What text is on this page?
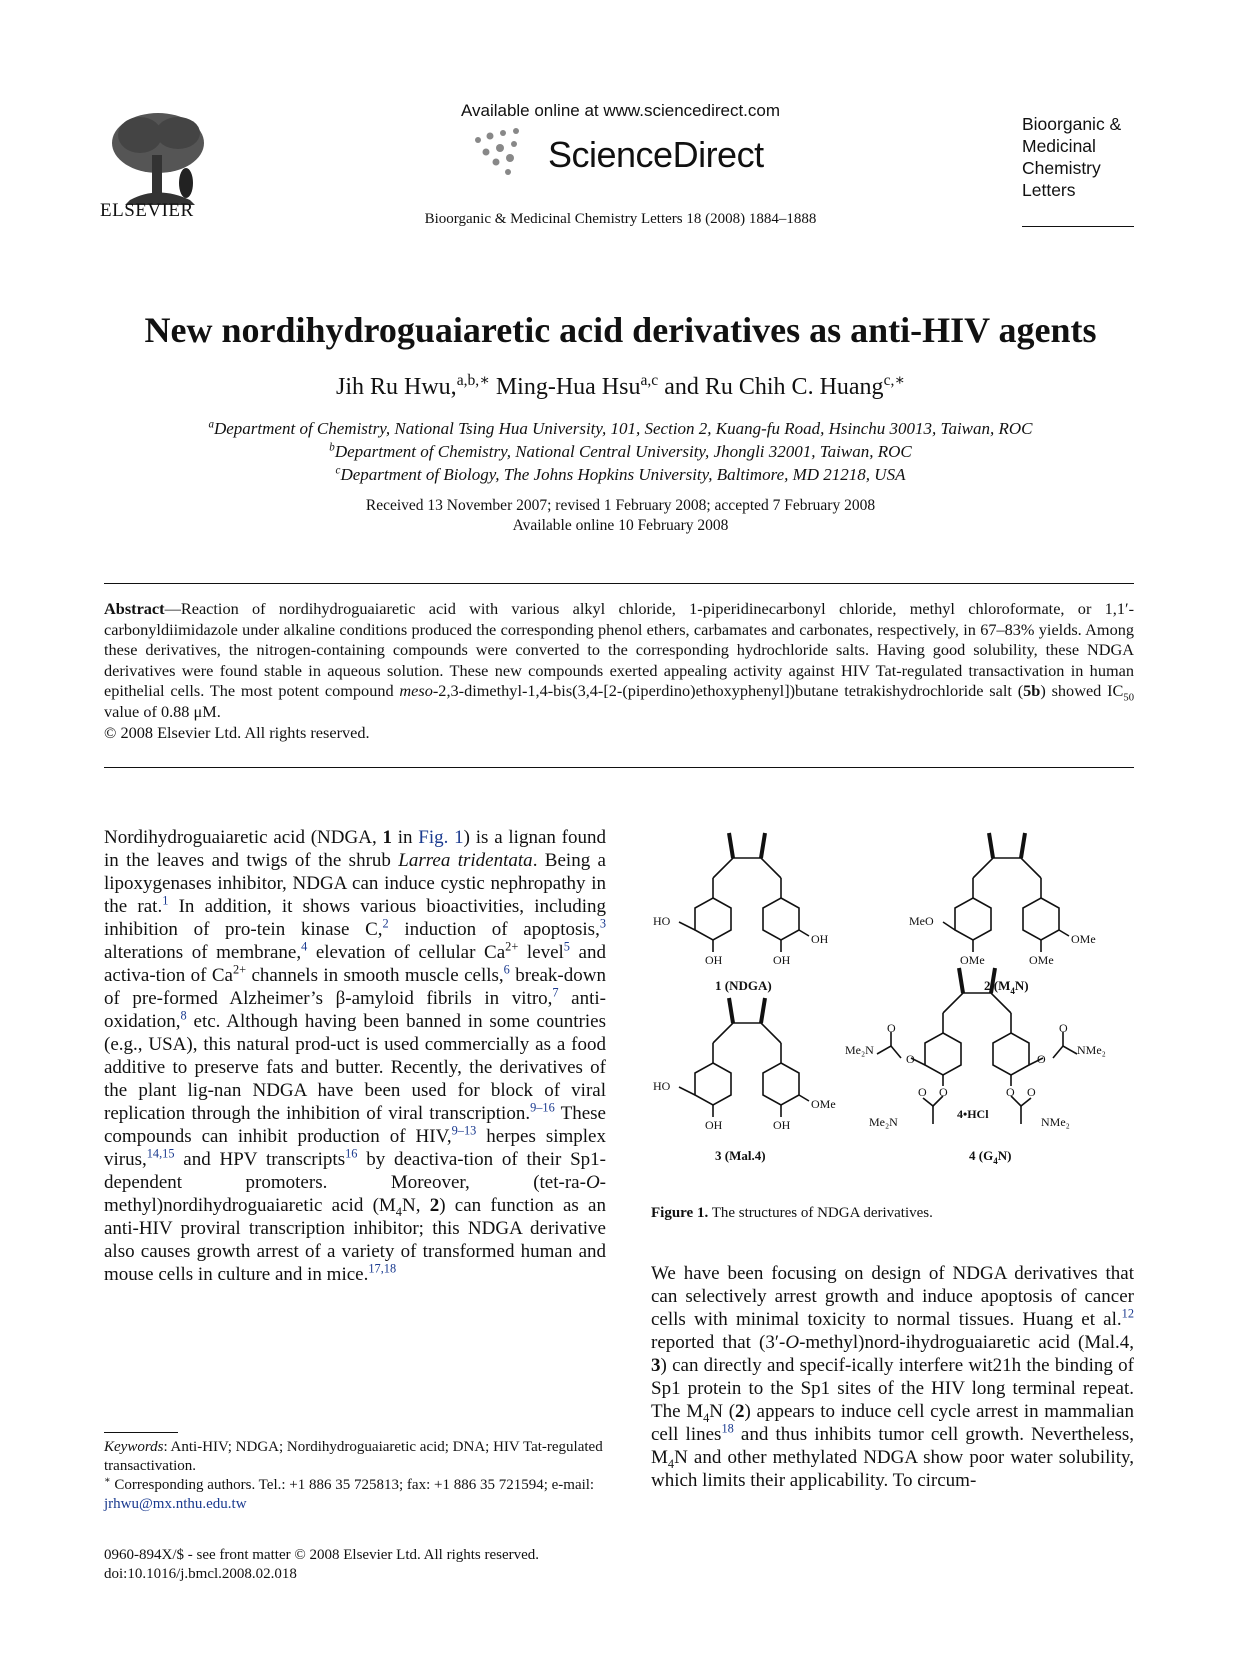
ELSEVIER
Available online at www.sciencedirect.com
ScienceDirect
Bioorganic & Medicinal Chemistry Letters 18 (2008) 1884–1888
Bioorganic &
Medicinal
Chemistry
Letters
New nordihydroguaiaretic acid derivatives as anti-HIV agents
Jih Ru Hwu,$^{a,b,∗}$ Ming-Hua Hsu$^{a,c}$ and Ru Chih C. Huang$^{c,∗}$
$^a$Department of Chemistry, National Tsing Hua University, 101, Section 2, Kuang-fu Road, Hsinchu 30013, Taiwan, ROC
$^b$Department of Chemistry, National Central University, Jhongli 32001, Taiwan, ROC
$^c$Department of Biology, The Johns Hopkins University, Baltimore, MD 21218, USA
Received 13 November 2007; revised 1 February 2008; accepted 7 February 2008
Available online 10 February 2008
Abstract—Reaction of nordihydroguaiaretic acid with various alkyl chloride, 1-piperidinecarbonyl chloride, methyl chloroformate, or 1,1′-carbonyldiimidazole under alkaline conditions produced the corresponding phenol ethers, carbamates and carbonates, respectively, in 67–83% yields. Among these derivatives, the nitrogen-containing compounds were converted to the corresponding hydrochloride salts. Having good solubility, these NDGA derivatives were found stable in aqueous solution. These new compounds exerted appealing activity against HIV Tat-regulated transactivation in human epithelial cells. The most potent compound meso-2,3-dimethyl-1,4-bis(3,4-[2-(piperdino)ethoxyphenyl])butane tetrakishydrochloride salt (5b) showed $IC_{50}$ value of 0.88 μM.
© 2008 Elsevier Ltd. All rights reserved.
Nordihydroguaiaretic acid (NDGA, 1 in Fig. 1) is a lignan found in the leaves and twigs of the shrub Larrea tridentata. Being a lipoxygenases inhibitor, NDGA can induce cystic nephropathy in the rat.$^1$ In addition, it shows various bioactivities, including inhibition of pro-tein kinase C,$^2$ induction of apoptosis,$^3$ alterations of membrane,$^4$ elevation of cellular $Ca^{2+}$ level$^5$ and activa-tion of $Ca^{2+}$ channels in smooth muscle cells,$^6$ break-down of pre-formed Alzheimer’s β-amyloid fibrils in vitro,$^7$ anti-oxidation,$^8$ etc. Although having been banned in some countries (e.g., USA), this natural prod-uct is used commercially as a food additive to preserve fats and butter. Recently, the derivatives of the plant lig-nan NDGA have been used for block of viral replication through the inhibition of viral transcription.$^{9-16}$ These compounds can inhibit production of HIV,$^{9-13}$ herpes simplex virus,$^{14,15}$ and HPV transcripts$^{16}$ by deactiva-tion of their Sp1-dependent promoters. Moreover, (tet-ra-O-methyl)nordihydroguaiaretic acid ($M_4N$, 2) can function as an anti-HIV proviral transcription inhibitor; this NDGA derivative also causes growth arrest of a variety of transformed human and mouse cells in culture and in mice.$^{17,18}$
Keywords: Anti-HIV; NDGA; Nordihydroguaiaretic acid; DNA; HIV Tat-regulated transactivation.
∗ Corresponding authors. Tel.: +1 886 35 725813; fax: +1 886 35 721594; e-mail: jrhwu@mx.nthu.edu.tw
0960-894X/$ - see front matter © 2008 Elsevier Ltd. All rights reserved.
doi:10.1016/j.bmcl.2008.02.018
HO
OH	OH
OH
1 (NDGA)
MeO
OMe	OMe
OMe
2 $(M_4N)$
HO
OH	OH
OMe
3 (Mal.4)
Me₂N	NMe₂
Me₂N	NMe₂
O
O
O
O
O O	O O
4•HCl
4 $(G_4N)$
Figure 1. The structures of NDGA derivatives.
We have been focusing on design of NDGA derivatives that can selectively arrest growth and induce apoptosis of cancer cells with minimal toxicity to normal tissues. Huang et al.$^{12}$ reported that (3′-O-methyl)nord-ihydroguaiaretic acid (Mal.4, 3) can directly and specif-ically interfere wit21h the binding of Sp1 protein to the Sp1 sites of the HIV long terminal repeat. The $M_4N$ (2) appears to induce cell cycle arrest in mammalian cell lines$^{18}$ and thus inhibits tumor cell growth. Nevertheless, $M_4N$ and other methylated NDGA show poor water solubility, which limits their applicability. To circum-
